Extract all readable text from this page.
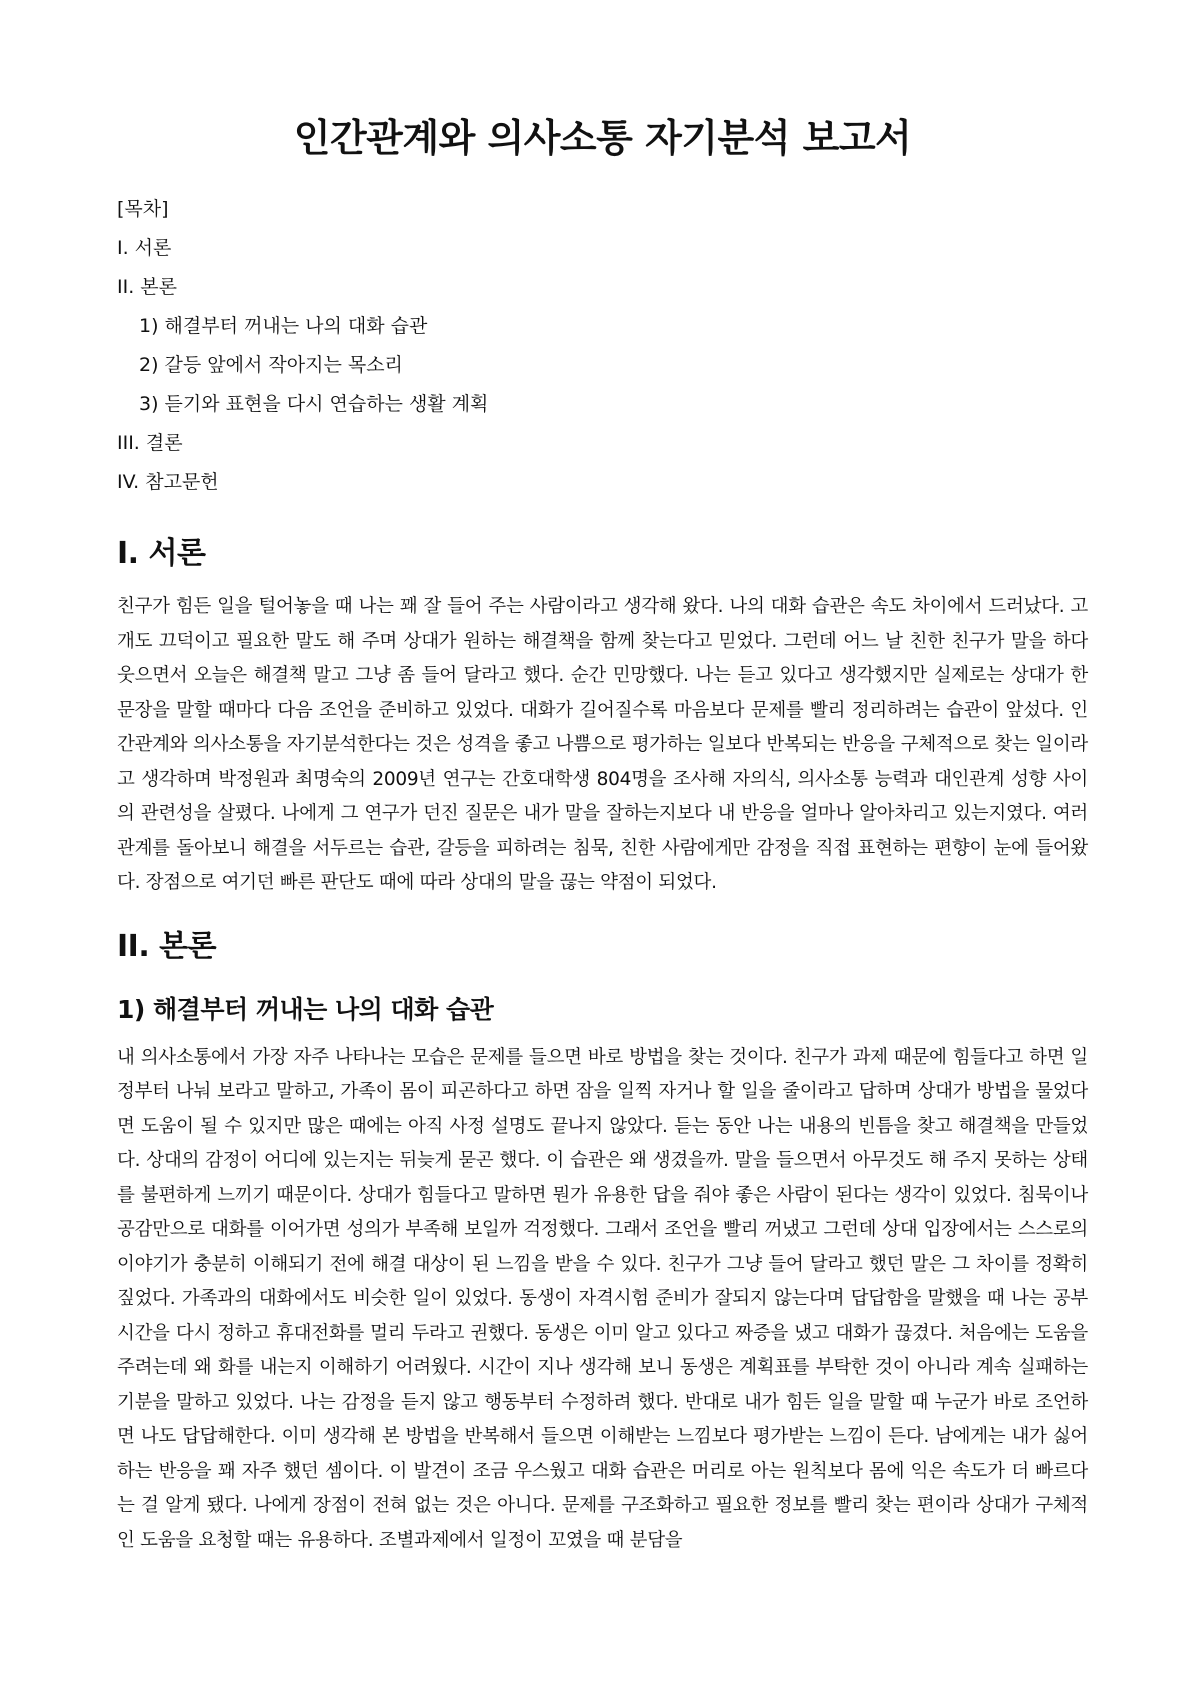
인간관계와 의사소통 자기분석 보고서

[목차]

I. 서론

II. 본론

1) 해결부터 꺼내는 나의 대화 습관

2) 갈등 앞에서 작아지는 목소리

3) 듣기와 표현을 다시 연습하는 생활 계획

III. 결론

IV. 참고문헌

I. 서론

친구가 힘든 일을 털어놓을 때 나는 꽤 잘 들어 주는 사람이라고 생각해 왔다. 나의 대화 습관은 속도 차이에서 드러났다. 고개도 끄덕이고 필요한 말도 해 주며 상대가 원하는 해결책을 함께 찾는다고 믿었다. 그런데 어느 날 친한 친구가 말을 하다 웃으면서 오늘은 해결책 말고 그냥 좀 들어 달라고 했다. 순간 민망했다. 나는 듣고 있다고 생각했지만 실제로는 상대가 한 문장을 말할 때마다 다음 조언을 준비하고 있었다. 대화가 길어질수록 마음보다 문제를 빨리 정리하려는 습관이 앞섰다. 인간관계와 의사소통을 자기분석한다는 것은 성격을 좋고 나쁨으로 평가하는 일보다 반복되는 반응을 구체적으로 찾는 일이라고 생각하며 박정원과 최명숙의 2009년 연구는 간호대학생 804명을 조사해 자의식, 의사소통 능력과 대인관계 성향 사이의 관련성을 살폈다. 나에게 그 연구가 던진 질문은 내가 말을 잘하는지보다 내 반응을 얼마나 알아차리고 있는지였다. 여러 관계를 돌아보니 해결을 서두르는 습관, 갈등을 피하려는 침묵, 친한 사람에게만 감정을 직접 표현하는 편향이 눈에 들어왔다. 장점으로 여기던 빠른 판단도 때에 따라 상대의 말을 끊는 약점이 되었다.

II. 본론
1) 해결부터 꺼내는 나의 대화 습관

내 의사소통에서 가장 자주 나타나는 모습은 문제를 들으면 바로 방법을 찾는 것이다. 친구가 과제 때문에 힘들다고 하면 일정부터 나눠 보라고 말하고, 가족이 몸이 피곤하다고 하면 잠을 일찍 자거나 할 일을 줄이라고 답하며 상대가 방법을 물었다면 도움이 될 수 있지만 많은 때에는 아직 사정 설명도 끝나지 않았다. 듣는 동안 나는 내용의 빈틈을 찾고 해결책을 만들었다. 상대의 감정이 어디에 있는지는 뒤늦게 묻곤 했다. 이 습관은 왜 생겼을까. 말을 들으면서 아무것도 해 주지 못하는 상태를 불편하게 느끼기 때문이다. 상대가 힘들다고 말하면 뭔가 유용한 답을 줘야 좋은 사람이 된다는 생각이 있었다. 침묵이나 공감만으로 대화를 이어가면 성의가 부족해 보일까 걱정했다. 그래서 조언을 빨리 꺼냈고 그런데 상대 입장에서는 스스로의 이야기가 충분히 이해되기 전에 해결 대상이 된 느낌을 받을 수 있다. 친구가 그냥 들어 달라고 했던 말은 그 차이를 정확히 짚었다. 가족과의 대화에서도 비슷한 일이 있었다. 동생이 자격시험 준비가 잘되지 않는다며 답답함을 말했을 때 나는 공부시간을 다시 정하고 휴대전화를 멀리 두라고 권했다. 동생은 이미 알고 있다고 짜증을 냈고 대화가 끊겼다. 처음에는 도움을 주려는데 왜 화를 내는지 이해하기 어려웠다. 시간이 지나 생각해 보니 동생은 계획표를 부탁한 것이 아니라 계속 실패하는 기분을 말하고 있었다. 나는 감정을 듣지 않고 행동부터 수정하려 했다. 반대로 내가 힘든 일을 말할 때 누군가 바로 조언하면 나도 답답해한다. 이미 생각해 본 방법을 반복해서 들으면 이해받는 느낌보다 평가받는 느낌이 든다. 남에게는 내가 싫어하는 반응을 꽤 자주 했던 셈이다. 이 발견이 조금 우스웠고 대화 습관은 머리로 아는 원칙보다 몸에 익은 속도가 더 빠르다는 걸 알게 됐다. 나에게 장점이 전혀 없는 것은 아니다. 문제를 구조화하고 필요한 정보를 빨리 찾는 편이라 상대가 구체적인 도움을 요청할 때는 유용하다. 조별과제에서 일정이 꼬였을 때 분담을
